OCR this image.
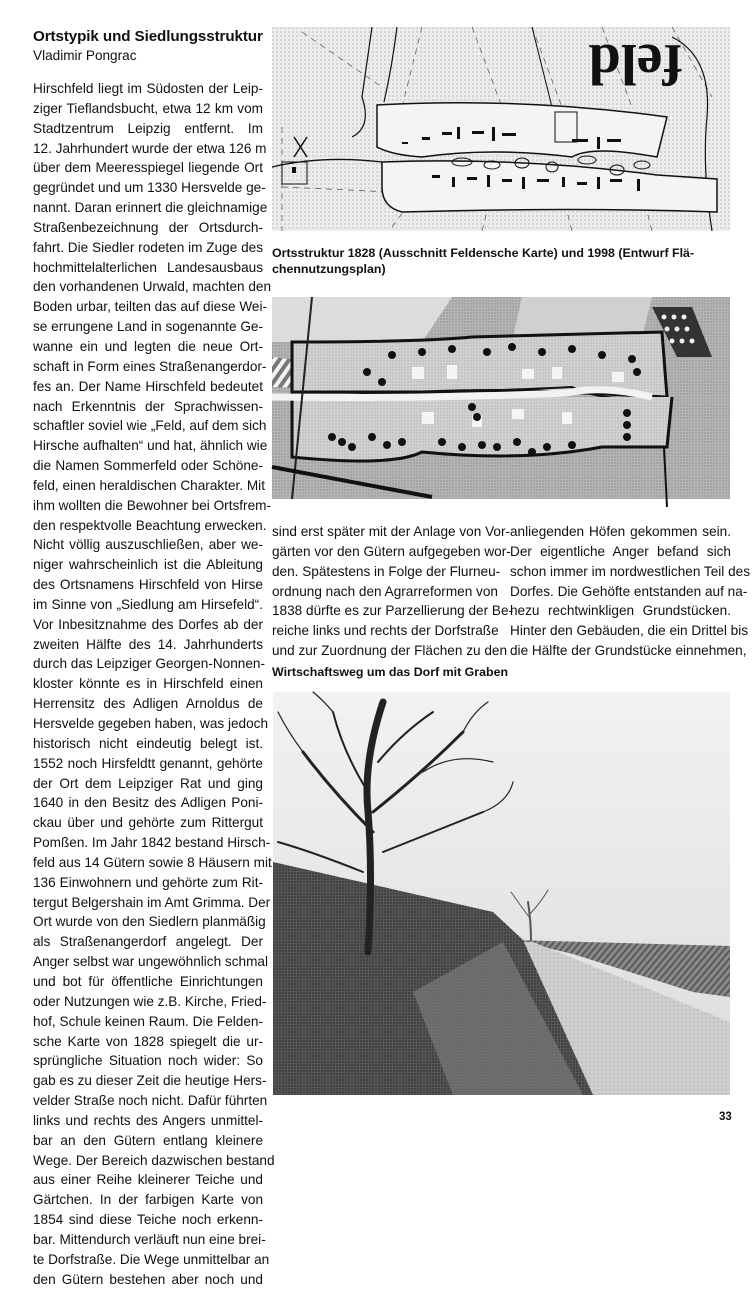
Ortstypik und Siedlungsstruktur
Vladimir Pongrac
Hirschfeld liegt im Südosten der Leip-
ziger Tieflandsbucht, etwa 12 km vom
Stadtzentrum Leipzig entfernt. Im
12. Jahrhundert wurde der etwa 126 m
über dem Meeresspiegel liegende Ort
gegründet und um 1330 Hersvelde ge-
nannt. Daran erinnert die gleichnamige
Straßenbezeichnung der Ortsdurch-
fahrt. Die Siedler rodeten im Zuge des
hochmittelalterlichen Landesausbaus
den vorhandenen Urwald, machten den
Boden urbar, teilten das auf diese Wei-
se errungene Land in sogenannte Ge-
wanne ein und legten die neue Ort-
schaft in Form eines Straßenangerdor-
fes an. Der Name Hirschfeld bedeutet
nach Erkenntnis der Sprachwissen-
schaftler soviel wie „Feld, auf dem sich
Hirsche aufhalten“ und hat, ähnlich wie
die Namen Sommerfeld oder Schöne-
feld, einen heraldischen Charakter. Mit
ihm wollten die Bewohner bei Ortsfrem-
den respektvolle Beachtung erwecken.
Nicht völlig auszuschließen, aber we-
niger wahrscheinlich ist die Ableitung
des Ortsnamens Hirschfeld von Hirse
im Sinne von „Siedlung am Hirsefeld“.
Vor Inbesitznahme des Dorfes ab der
zweiten Hälfte des 14. Jahrhunderts
durch das Leipziger Georgen-Nonnen-
kloster könnte es in Hirschfeld einen
Herrensitz des Adligen Arnoldus de
Hersvelde gegeben haben, was jedoch
historisch nicht eindeutig belegt ist.
1552 noch Hirsfeldtt genannt, gehörte
der Ort dem Leipziger Rat und ging
1640 in den Besitz des Adligen Poni-
ckau über und gehörte zum Rittergut
Pomßen. Im Jahr 1842 bestand Hirsch-
feld aus 14 Gütern sowie 8 Häusern mit
136 Einwohnern und gehörte zum Rit-
tergut Belgershain im Amt Grimma. Der
Ort wurde von den Siedlern planmäßig
als Straßenangerdorf angelegt. Der
Anger selbst war ungewöhnlich schmal
und bot für öffentliche Einrichtungen
oder Nutzungen wie z.B. Kirche, Fried-
hof, Schule keinen Raum. Die Felden-
sche Karte von 1828 spiegelt die ur-
sprüngliche Situation noch wider: So
gab es zu dieser Zeit die heutige Hers-
velder Straße noch nicht. Dafür führten
links und rechts des Angers unmittel-
bar an den Gütern entlang kleinere
Wege. Der Bereich dazwischen bestand
aus einer Reihe kleinerer Teiche und
Gärtchen. In der farbigen Karte von
1854 sind diese Teiche noch erkenn-
bar. Mittendurch verläuft nun eine brei-
te Dorfstraße. Die Wege unmittelbar an
den Gütern bestehen aber noch und
feld
Ortsstruktur 1828 (Ausschnitt Feldensche Karte) und 1998 (Entwurf Flä-
chennutzungsplan)
sind erst später mit der Anlage von Vor-
gärten vor den Gütern aufgegeben wor-
den. Spätestens in Folge der Flurneu-
ordnung nach den Agrarreformen von
1838 dürfte es zur Parzellierung der Be-
reiche links und rechts der Dorfstraße
und zur Zuordnung der Flächen zu den
anliegenden Höfen gekommen sein.
Der eigentliche Anger befand sich
schon immer im nordwestlichen Teil des
Dorfes. Die Gehöfte entstanden auf na-
hezu rechtwinkligen Grundstücken.
Hinter den Gebäuden, die ein Drittel bis
die Hälfte der Grundstücke einnehmen,
Wirtschaftsweg um das Dorf mit Graben
33
